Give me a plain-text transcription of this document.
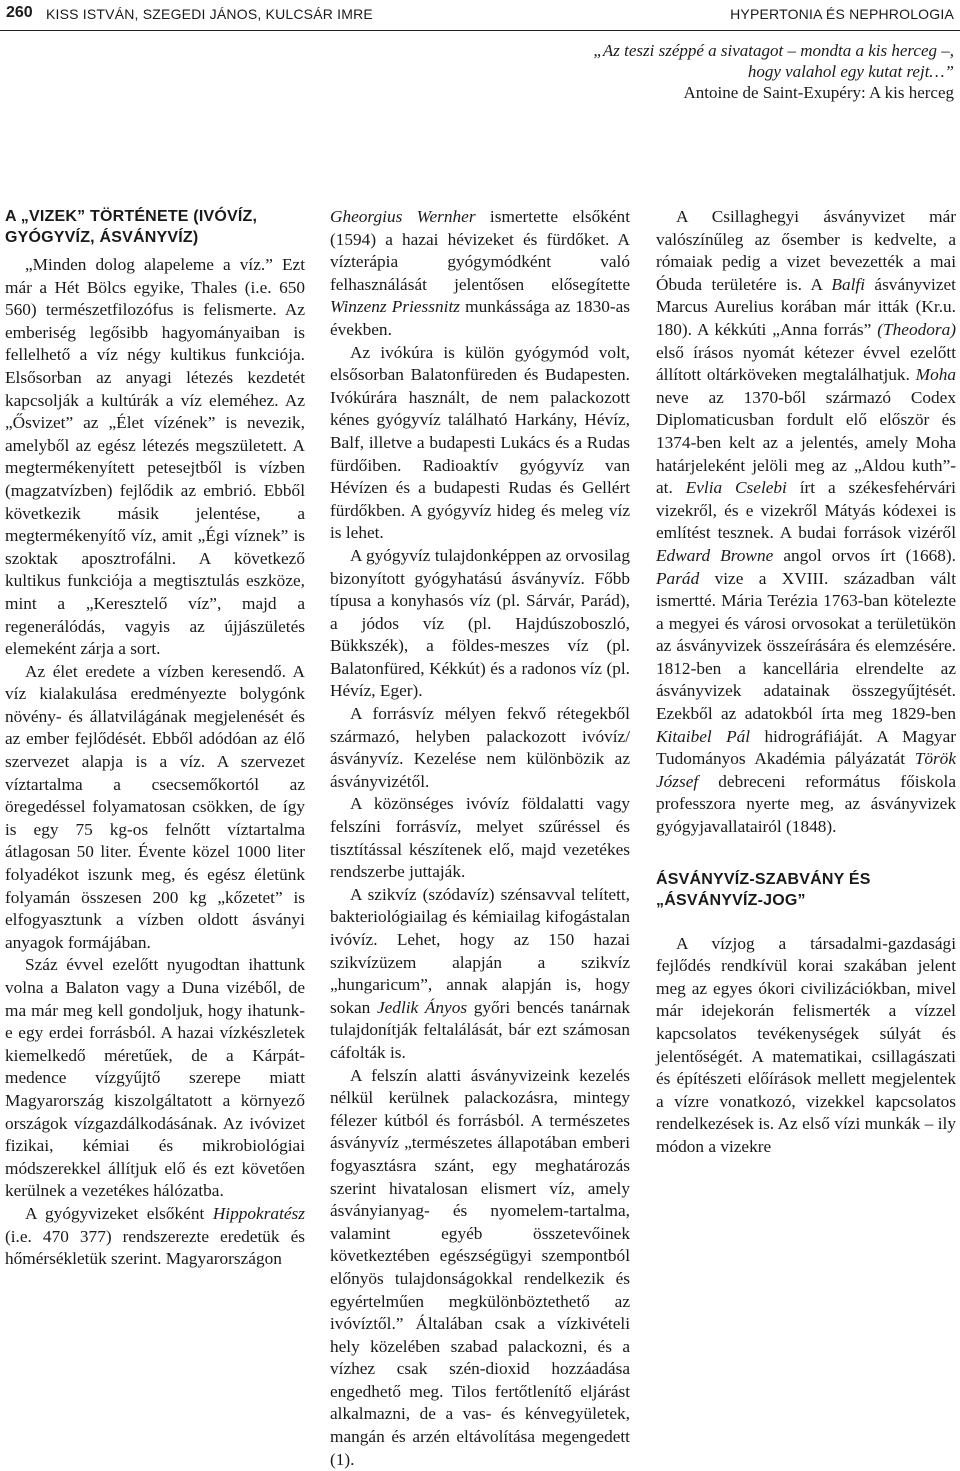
260 KISS ISTVÁN, SZEGEDI JÁNOS, KULCSÁR IMRE	HYPERTONIA ÉS NEPHROLOGIA
„Az teszi széppé a sivatagot – mondta a kis herceg –,
hogy valahol egy kutat rejt…”
Antoine de Saint-Exupéry: A kis herceg
A „VIZEK” TÖRTÉNETE (IVÓVÍZ,
GYÓGYVÍZ, ÁSVÁNYVÍZ)

„Minden dolog alapeleme a víz.” Ezt már a Hét Bölcs egyike, Thales (i.e. 650 560) természetfilozófus is felismerte. Az emberiség legősibb hagyományaiban is fellelhető a víz négy kultikus funkciója. Elsősorban az anyagi létezés kezdetét kapcsolják a kultúrák a víz eleméhez. Az „Ősvizet” az „Élet vízének” is nevezik, amelyből az egész létezés megszületett. A megtermékenyített petesejtből is vízben (magzatvízben) fejlődik az embrió. Ebből következik másik jelentése, a megtermékenyítő víz, amit „Égi víznek” is szoktak aposztrofálni. A következő kultikus funkciója a megtisztulás eszköze, mint a „Keresztelő víz”, majd a regenerálódás, vagyis az újjászületés elemeként zárja a sort.

Az élet eredete a vízben keresendő. A víz kialakulása eredményezte bolygónk növény- és állatvilágának megjelenését és az ember fejlődését. Ebből adódóan az élő szervezet alapja is a víz. A szervezet víztartalma a csecsemőkortól az öregedéssel folyamatosan csökken, de így is egy 75 kg-os felnőtt víztartalma átlagosan 50 liter. Évente közel 1000 liter folyadékot iszunk meg, és egész életünk folyamán összesen 200 kg „kőzetet” is elfogyasztunk a vízben oldott ásványi anyagok formájában.

Száz évvel ezelőtt nyugodtan ihattunk volna a Balaton vagy a Duna vizéből, de ma már meg kell gondoljuk, hogy ihatunk-e egy erdei forrásból. A hazai vízkészletek kiemelkedő méretűek, de a Kárpát-medence vízgyűjtő szerepe miatt Magyarország kiszolgáltatott a környező országok vízgazdálkodásának. Az ivóvizet fizikai, kémiai és mikrobiológiai módszerekkel állítjuk elő és ezt követően kerülnek a vezetékes hálózatba.

A gyógyvizeket elsőként Hippokratész (i.e. 470 377) rendszerezte eredetük és hőmérsékletük szerint. Magyarországon

Gheorgius Wernher ismertette elsőként (1594) a hazai hévizeket és fürdőket. A vízterápia gyógymódként való felhasználását jelentősen elősegítette Winzenz Priessnitz munkássága az 1830-as években.

Az ivókúra is külön gyógymód volt, elsősorban Balatonfüreden és Budapesten. Ivókúrára használt, de nem palackozott kénes gyógyvíz található Harkány, Hévíz, Balf, illetve a budapesti Lukács és a Rudas fürdőiben. Radioaktív gyógyvíz van Hévízen és a budapesti Rudas és Gellért fürdőkben. A gyógyvíz hideg és meleg víz is lehet.

A gyógyvíz tulajdonképpen az orvosilag bizonyított gyógyhatású ásványvíz. Főbb típusa a konyhasós víz (pl. Sárvár, Parád), a jódos víz (pl. Hajdúszoboszló, Bükkszék), a földes-meszes víz (pl. Balatonfüred, Kékkút) és a radonos víz (pl. Hévíz, Eger).

A forrásvíz mélyen fekvő rétegekből származó, helyben palackozott ivóvíz/ásványvíz. Kezelése nem különbözik az ásványvizétől.

A közönséges ivóvíz földalatti vagy felszíni forrásvíz, melyet szűréssel és tisztítással készítenek elő, majd vezetékes rendszerbe juttaják.

A szikvíz (szódavíz) szénsavval telített, bakteriológiailag és kémiailag kifogástalan ivóvíz. Lehet, hogy az 150 hazai szikvízüzem alapján a szikvíz „hungaricum”, annak alapján is, hogy sokan Jedlik Ányos győri bencés tanárnak tulajdonítják feltalálását, bár ezt számosan cáfolták is.

A felszín alatti ásványvizeink kezelés nélkül kerülnek palackozásra, mintegy félezer kútból és forrásból. A természetes ásványvíz „természetes állapotában emberi fogyasztásra szánt, egy meghatározás szerint hivatalosan elismert víz, amely ásványianyag- és nyomelem-tartalma, valamint egyéb összetevőinek következtében egészségügyi szempontból előnyös tulajdonságokkal rendelkezik és egyértelműen megkülönböztethető az ivóvíztől.” Általában csak a vízkivételi hely közelében szabad palackozni, és a vízhez csak szén-dioxid hozzáadása engedhető meg. Tilos fertőtlenítő eljárást alkalmazni, de a vas- és kénvegyületek, mangán és arzén eltávolítása megengedett (1).

A Csillaghegyi ásványvizet már valószínűleg az ősember is kedvelte, a rómaiak pedig a vizet bevezették a mai Óbuda területére is. A Balfi ásványvizet Marcus Aurelius korában már itták (Kr.u. 180). A kékkúti „Anna forrás” (Theodora) első írásos nyomát kétezer évvel ezelőtt állított oltárköveken megtalálhatjuk. Moha neve az 1370-ből származó Codex Diplomaticusban fordult elő először és 1374-ben kelt az a jelentés, amely Moha határjeleként jelöli meg az „Aldou kuth”-at. Evlia Cselebi írt a székesfehérvári vizekről, és e vizekről Mátyás kódexei is említést tesznek. A budai források vizéről Edward Browne angol orvos írt (1668). Parád vize a XVIII. században vált ismertté. Mária Terézia 1763-ban kötelezte a megyei és városi orvosokat a területükön az ásványvizek összeírására és elemzésére. 1812-ben a kancellária elrendelte az ásványvizek adatainak összegyűjtését. Ezekből az adatokból írta meg 1829-ben Kitaibel Pál hidrográfiáját. A Magyar Tudományos Akadémia pályázatát Török József debreceni református főiskola professzora nyerte meg, az ásványvizek gyógyjavallatairól (1848).

ÁSVÁNYVÍZ-SZABVÁNY ÉS
„ÁSVÁNYVÍZ-JOG”

A vízjog a társadalmi-gazdasági fejlődés rendkívül korai szakában jelent meg az egyes ókori civilizációkban, mivel már idejekorán felismerték a vízzel kapcsolatos tevékenységek súlyát és jelentőségét. A matematikai, csillagászati és építészeti előírások mellett megjelentek a vízre vonatkozó, vizekkel kapcsolatos rendelkezések is. Az első vízi munkák – ily módon a vizekre
